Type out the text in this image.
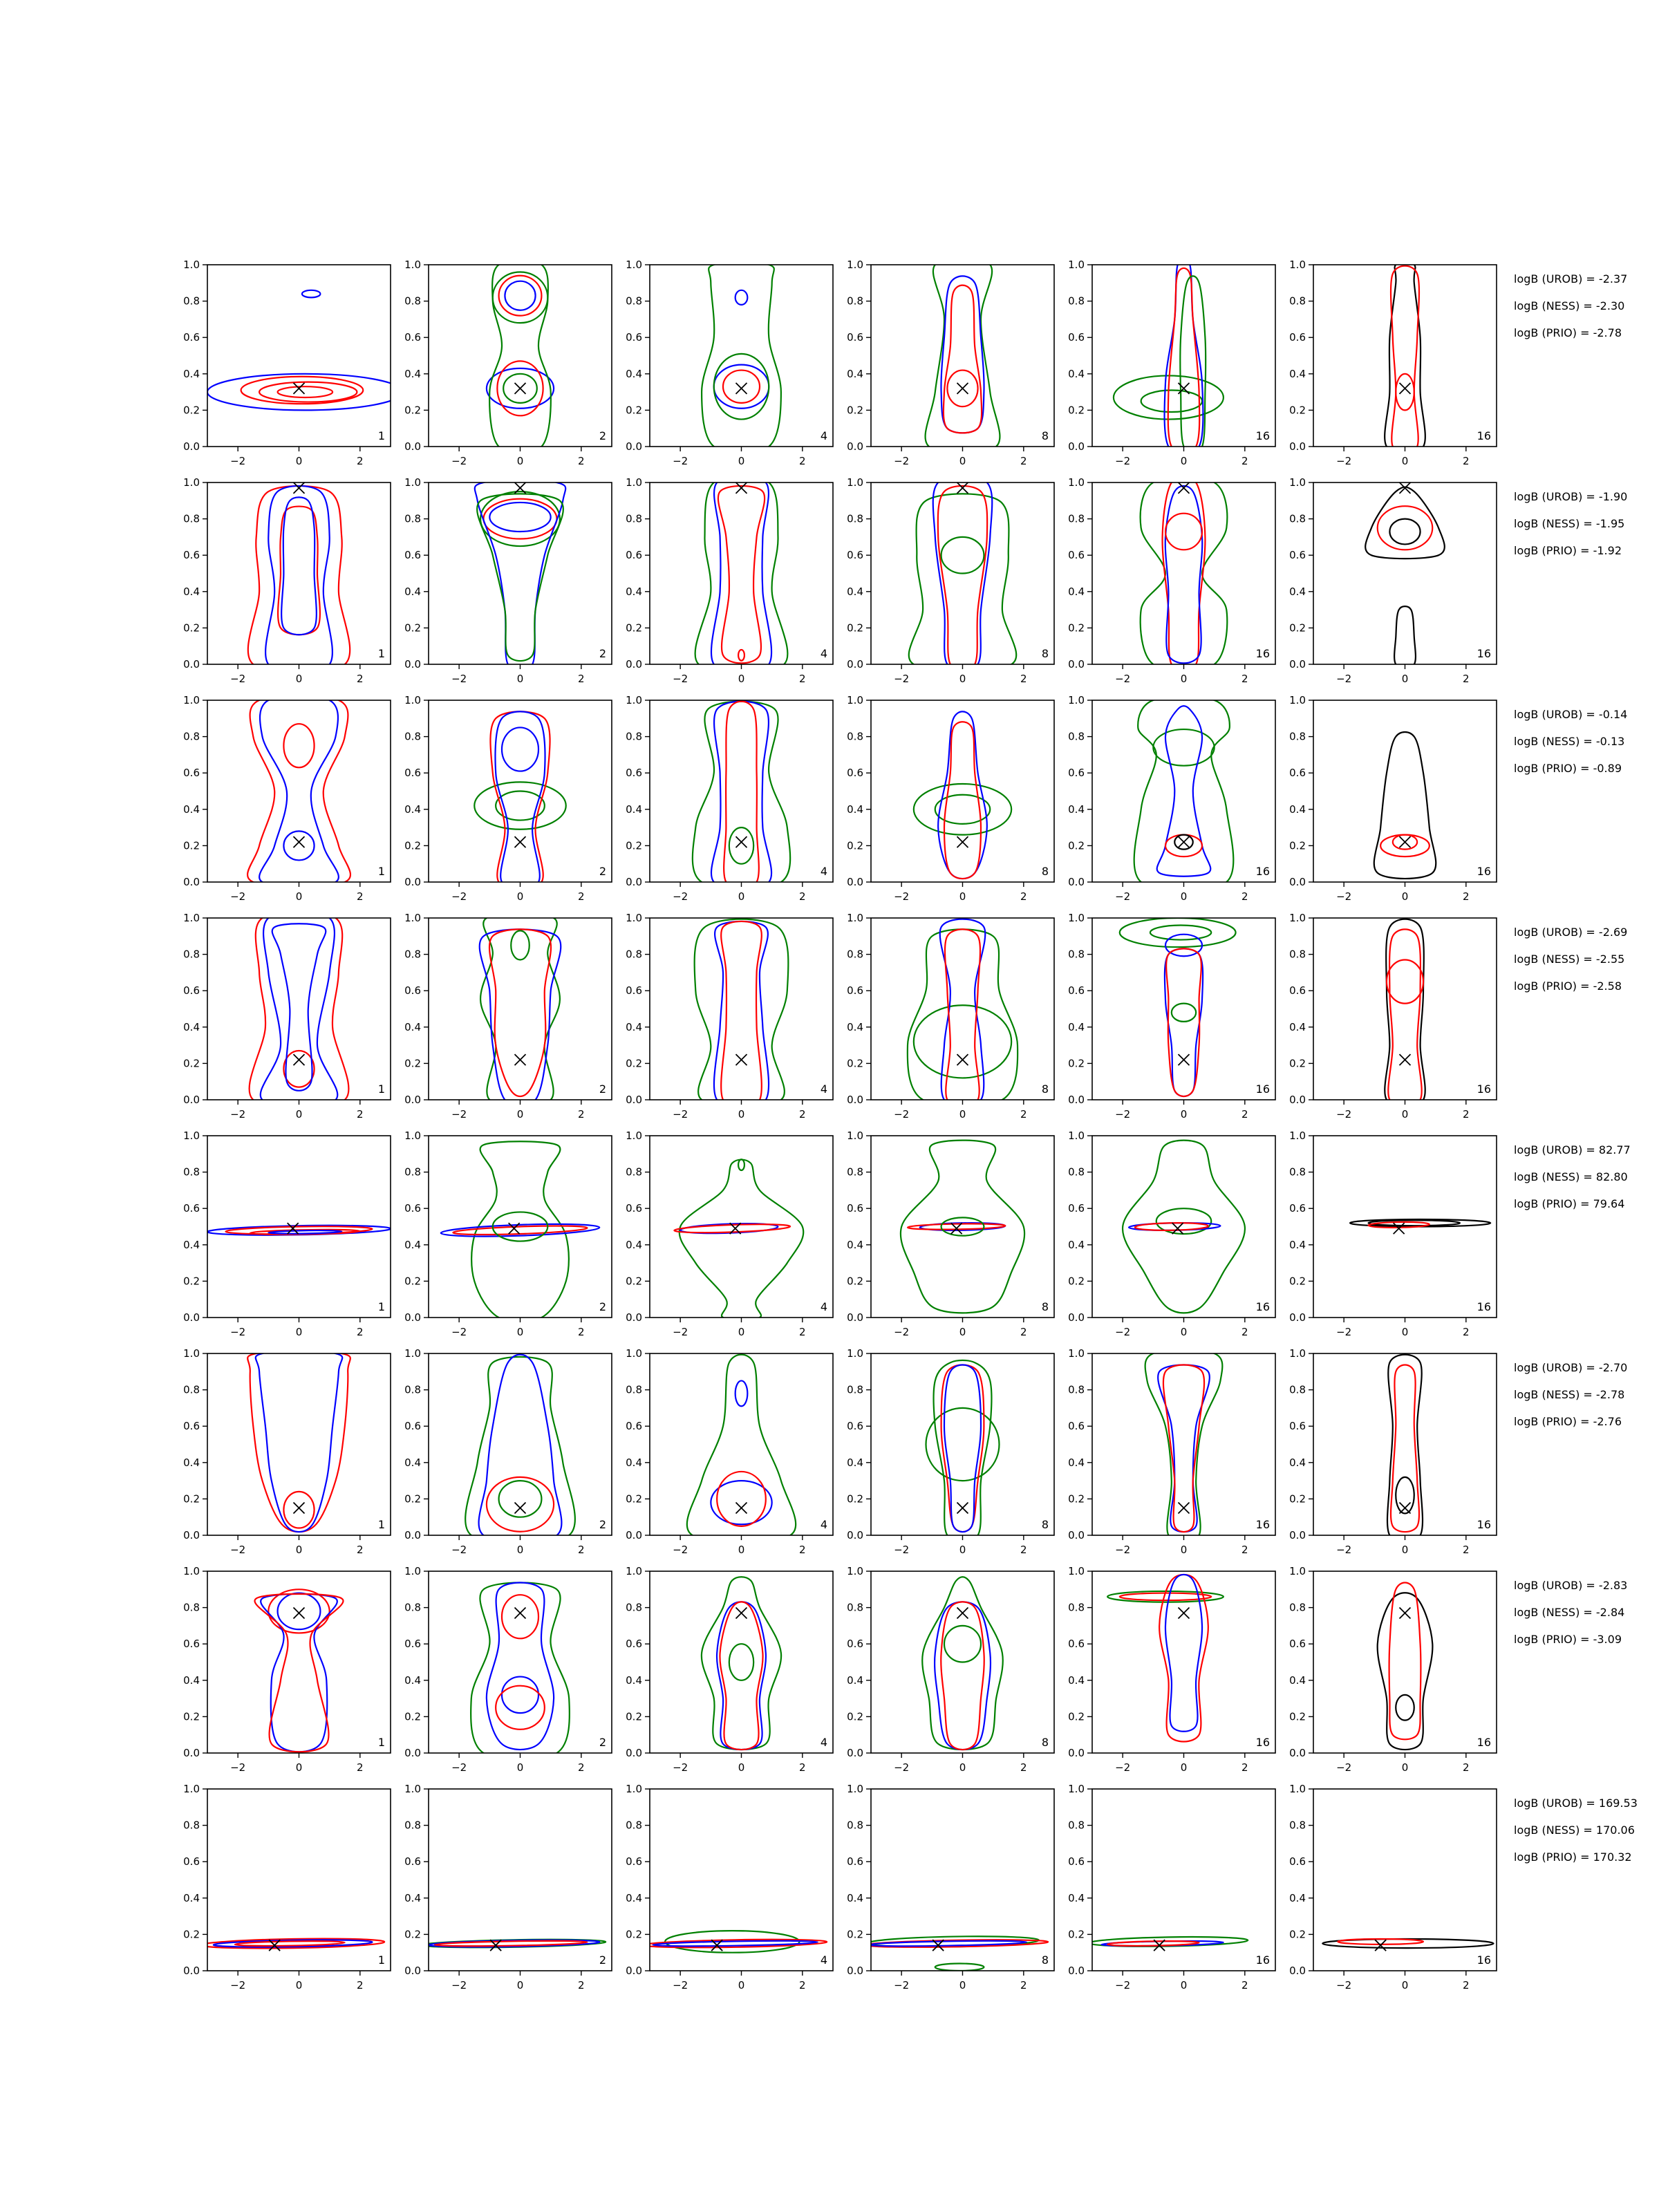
−2	0	2
0.0
0.2
0.4
0.6
0.8
1.0
1
−2	0	2
0.0
0.2
0.4
0.6
0.8
1.0
2
−2	0	2
0.0
0.2
0.4
0.6
0.8
1.0
4
−2	0	2
0.0
0.2
0.4
0.6
0.8
1.0
8
−2	0	2
0.0
0.2
0.4
0.6
0.8
1.0
16
−2	0	2
0.0
0.2
0.4
0.6
0.8
1.0
16
logB (UROB) = -2.37
logB (NESS) = -2.30
logB (PRIO) = -2.78
−2	0	2
0.0
0.2
0.4
0.6
0.8
1.0
1
−2	0	2
0.0
0.2
0.4
0.6
0.8
1.0
2
−2	0	2
0.0
0.2
0.4
0.6
0.8
1.0
4
−2	0	2
0.0
0.2
0.4
0.6
0.8
1.0
8
−2	0	2
0.0
0.2
0.4
0.6
0.8
1.0
16
−2	0	2
0.0
0.2
0.4
0.6
0.8
1.0
16
logB (UROB) = -1.90
logB (NESS) = -1.95
logB (PRIO) = -1.92
−2	0	2
0.0
0.2
0.4
0.6
0.8
1.0
1
−2	0	2
0.0
0.2
0.4
0.6
0.8
1.0
2
−2	0	2
0.0
0.2
0.4
0.6
0.8
1.0
4
−2	0	2
0.0
0.2
0.4
0.6
0.8
1.0
8
−2	0	2
0.0
0.2
0.4
0.6
0.8
1.0
16
−2	0	2
0.0
0.2
0.4
0.6
0.8
1.0
16
logB (UROB) = -0.14
logB (NESS) = -0.13
logB (PRIO) = -0.89
−2	0	2
0.0
0.2
0.4
0.6
0.8
1.0
1
−2	0	2
0.0
0.2
0.4
0.6
0.8
1.0
2
−2	0	2
0.0
0.2
0.4
0.6
0.8
1.0
4
−2	0	2
0.0
0.2
0.4
0.6
0.8
1.0
8
−2	0	2
0.0
0.2
0.4
0.6
0.8
1.0
16
−2	0	2
0.0
0.2
0.4
0.6
0.8
1.0
16
logB (UROB) = -2.69
logB (NESS) = -2.55
logB (PRIO) = -2.58
−2	0	2
0.0
0.2
0.4
0.6
0.8
1.0
1
−2	0	2
0.0
0.2
0.4
0.6
0.8
1.0
2
−2	0	2
0.0
0.2
0.4
0.6
0.8
1.0
4
−2	0	2
0.0
0.2
0.4
0.6
0.8
1.0
8
−2	0	2
0.0
0.2
0.4
0.6
0.8
1.0
16
−2	0	2
0.0
0.2
0.4
0.6
0.8
1.0
16
logB (UROB) = 82.77
logB (NESS) = 82.80
logB (PRIO) = 79.64
−2	0	2
0.0
0.2
0.4
0.6
0.8
1.0
1
−2	0	2
0.0
0.2
0.4
0.6
0.8
1.0
2
−2	0	2
0.0
0.2
0.4
0.6
0.8
1.0
4
−2	0	2
0.0
0.2
0.4
0.6
0.8
1.0
8
−2	0	2
0.0
0.2
0.4
0.6
0.8
1.0
16
−2	0	2
0.0
0.2
0.4
0.6
0.8
1.0
16
logB (UROB) = -2.70
logB (NESS) = -2.78
logB (PRIO) = -2.76
−2	0	2
0.0
0.2
0.4
0.6
0.8
1.0
1
−2	0	2
0.0
0.2
0.4
0.6
0.8
1.0
2
−2	0	2
0.0
0.2
0.4
0.6
0.8
1.0
4
−2	0	2
0.0
0.2
0.4
0.6
0.8
1.0
8
−2	0	2
0.0
0.2
0.4
0.6
0.8
1.0
16
−2	0	2
0.0
0.2
0.4
0.6
0.8
1.0
16
logB (UROB) = -2.83
logB (NESS) = -2.84
logB (PRIO) = -3.09
−2	0	2
0.0
0.2
0.4
0.6
0.8
1.0
1
−2	0	2
0.0
0.2
0.4
0.6
0.8
1.0
2
−2	0	2
0.0
0.2
0.4
0.6
0.8
1.0
4
−2	0	2
0.0
0.2
0.4
0.6
0.8
1.0
8
−2	0	2
0.0
0.2
0.4
0.6
0.8
1.0
16
−2	0	2
0.0
0.2
0.4
0.6
0.8
1.0
16
logB (UROB) = 169.53
logB (NESS) = 170.06
logB (PRIO) = 170.32
